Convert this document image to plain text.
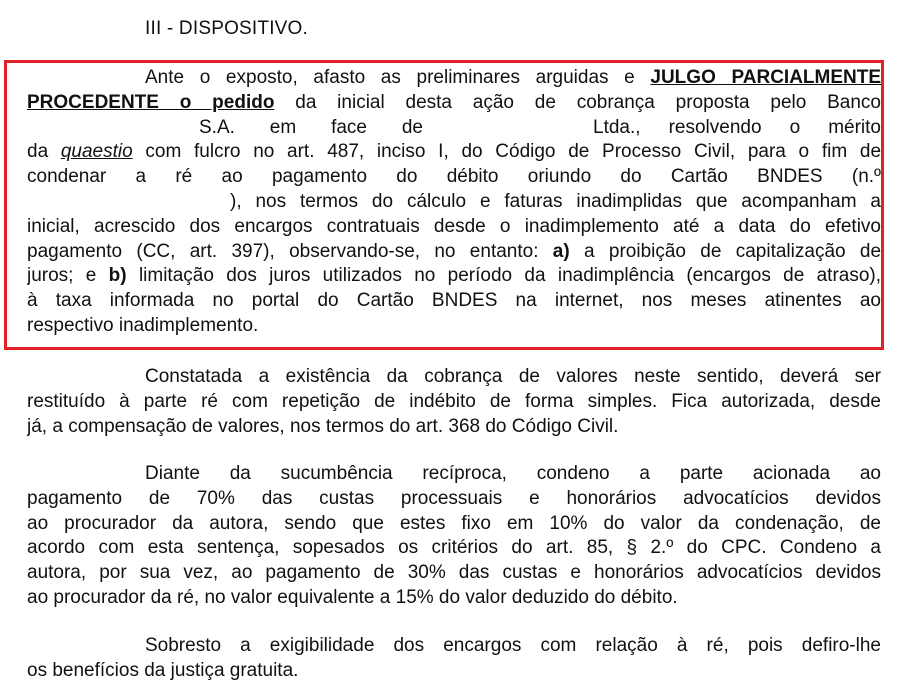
III - DISPOSITIVO.
Ante o exposto, afasto as preliminares arguidas e JULGO PARCIALMENTE
PROCEDENTE o pedido da inicial desta ação de cobrança proposta pelo Banco
S.A. em face de	Ltda., resolvendo o mérito
da quaestio com fulcro no art. 487, inciso I, do Código de Processo Civil, para o fim de
condenar a ré ao pagamento do débito oriundo do Cartão BNDES (n.º
), nos termos do cálculo e faturas inadimplidas que acompanham a
inicial, acrescido dos encargos contratuais desde o inadimplemento até a data do efetivo
pagamento (CC, art. 397), observando-se, no entanto: a) a proibição de capitalização de
juros; e b) limitação dos juros utilizados no período da inadimplência (encargos de atraso),
à taxa informada no portal do Cartão BNDES na internet, nos meses atinentes ao
respectivo inadimplemento.
Constatada a existência da cobrança de valores neste sentido, deverá ser
restituído à parte ré com repetição de indébito de forma simples. Fica autorizada, desde
já, a compensação de valores, nos termos do art. 368 do Código Civil.
Diante da sucumbência recíproca, condeno a parte acionada ao
pagamento de 70% das custas processuais e honorários advocatícios devidos
ao procurador da autora, sendo que estes fixo em 10% do valor da condenação, de
acordo com esta sentença, sopesados os critérios do art. 85, § 2.º do CPC. Condeno a
autora, por sua vez, ao pagamento de 30% das custas e honorários advocatícios devidos
ao procurador da ré, no valor equivalente a 15% do valor deduzido do débito.
Sobresto a exigibilidade dos encargos com relação à ré, pois defiro-lhe
os benefícios da justiça gratuita.
